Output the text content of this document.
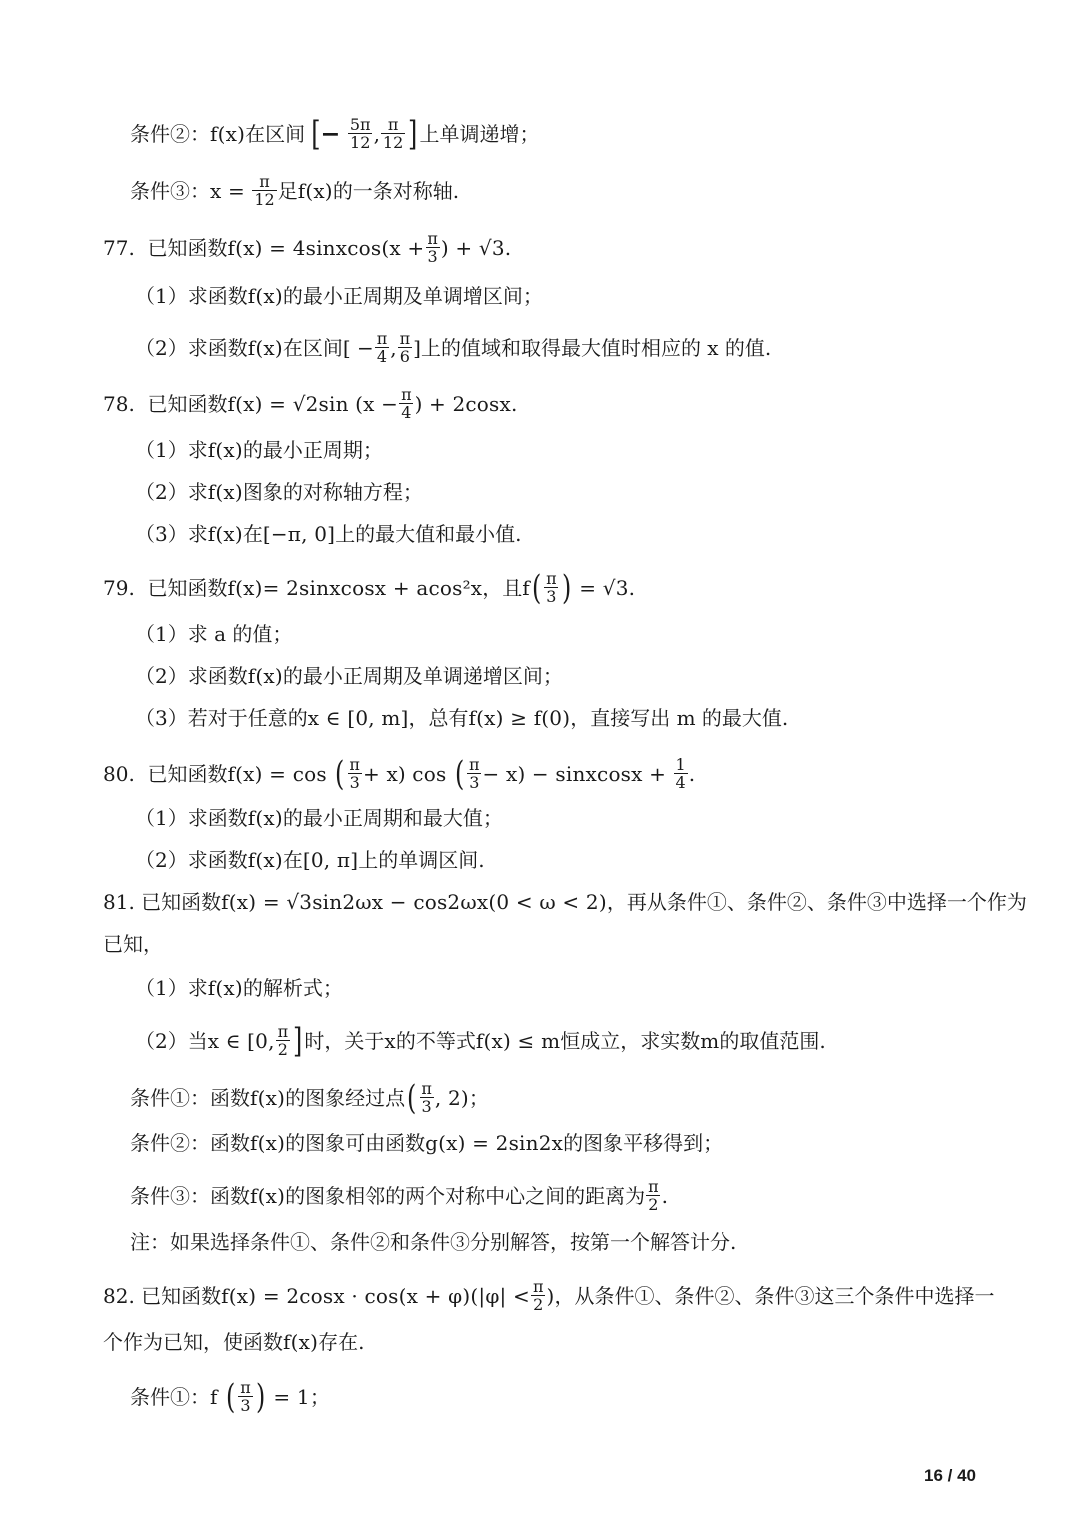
条件②： f(x) 在区间 [− $\frac{5\pi}{12}$ , $\frac{\pi}{12}$ ] 上单调递增；
条件③： x =
$\frac{\pi}{12}$ 足 f(x) 的一条对称轴.
77.
已知函数 f(x) = 4sinxcos(x + $\frac{\pi}{3}$ ) + √3.
（1）求函数 f(x) 的最小正周期及单调增区间；
（2）求函数 f(x) 在区间[ − $\frac{\pi}{4}$ , $\frac{\pi}{6}$ ]上的值域和取得最大值时相应的 x 的值.
78.
已知函数 f(x) = √2sin
($x - \frac{\pi}{4}$ )
+ 2cosx.
（1）求 f(x) 的最小正周期；
（2）求 f(x) 图象的对称轴方程；
（3）求 f(x) 在 [−π, 0] 上的最大值和最小值.
79.
已知函数 f(x)= 2sinxcosx + acos²x ，且 f ( $\frac{\pi}{3}$ )
= √3.
（1）求 a 的值；
（2）求函数 f(x) 的最小正周期及单调递增区间；
（3）若对于任意的 x ∈ [0, m] ，总有 f(x) ≥ f(0) ，直接写出 m 的最大值.
80.
已知函数 f(x) = cos
( $\frac{\pi}{3} + x$)
cos
( $\frac{\pi}{3} - x$)
− sinxcosx +
$\frac{1}{4}$ .
（1）求函数 f(x) 的最小正周期和最大值；
（2）求函数 f(x) 在 [0, π] 上的单调区间.
81.
已知函数 f(x) = √3sin2ωx − cos2ωx(0 < ω < 2) ，再从条件①、条件②、条件③中选择一个作为
已知，
（1）求 f(x) 的解析式；
（2）当 x ∈
[0, $\frac{\pi}{2}$ ] 时，关于 x 的不等式 f(x) ≤ m 恒成立，求实数 m 的取值范围.
条件①：函数 f(x) 的图象经过点 ( $\frac{\pi}{3}$ , 2) ；
条件②：函数 f(x) 的图象可由函数 g(x) = 2sin2x 的图象平移得到；
条件③：函数 f(x) 的图象相邻的两个对称中心之间的距离为 $\frac{\pi}{2}$ .
注：如果选择条件①、条件②和条件③分别解答，按第一个解答计分.
82.
已知函数 $f(x) = 2\cos x \cdot \cos(x + \varphi)(|\varphi| < \frac{\pi}{2}$ ) ，从条件①、条件②、条件③这三个条件中选择一
个作为已知，使函数 f(x) 存在.
条件①： f
( $\frac{\pi}{3}$ )
= 1；
16 / 40
